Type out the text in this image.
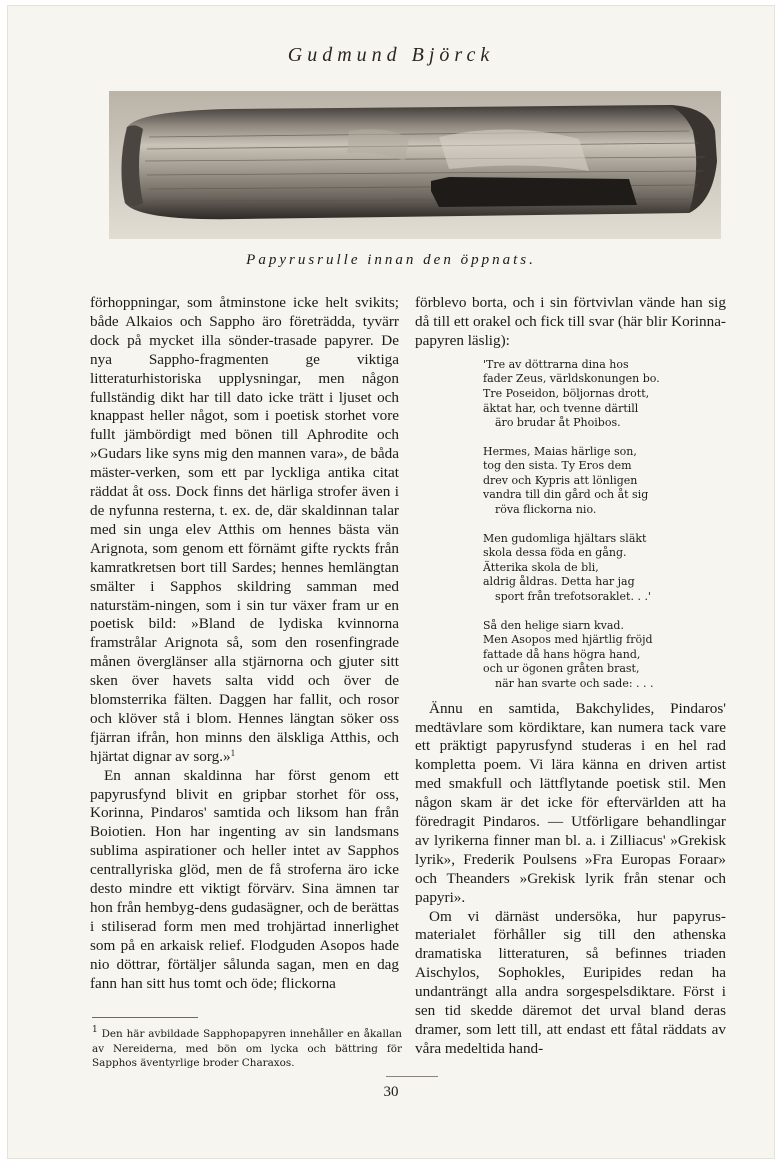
Gudmund Björck
Papyrusrulle innan den öppnats.

förhoppningar, som åtminstone icke helt svikits; både Alkaios och Sappho äro företrädda, tyvärr dock på mycket illa sönder-trasade papyrer. De nya Sappho-fragmenten ge viktiga litteraturhistoriska upplysningar, men någon fullständig dikt har till dato icke trätt i ljuset och knappast heller något, som i poetisk storhet vore fullt jämbördigt med bönen till Aphrodite och »Gudars like syns mig den mannen vara», de båda mäster-verken, som ett par lyckliga antika citat räddat åt oss. Dock finns det härliga strofer även i de nyfunna resterna, t. ex. de, där skaldinnan talar med sin unga elev Atthis om hennes bästa vän Arignota, som genom ett förnämt gifte ryckts från kamratkretsen bort till Sardes; hennes hemlängtan smälter i Sapphos skildring samman med naturstäm-ningen, som i sin tur växer fram ur en poetisk bild: »Bland de lydiska kvinnorna framstrålar Arignota så, som den rosenfingrade månen överglänser alla stjärnorna och gjuter sitt sken över havets salta vidd och över de blomsterrika fälten. Daggen har fallit, och rosor och klöver stå i blom. Hennes längtan söker oss fjärran ifrån, hon minns den älskliga Atthis, och hjärtat dignar av sorg.»$^1$

En annan skaldinna har först genom ett papyrusfynd blivit en gripbar storhet för oss, Korinna, Pindaros' samtida och liksom han från Boiotien. Hon har ingenting av sin landsmans sublima aspirationer och heller intet av Sapphos centrallyriska glöd, men de få stroferna äro icke desto mindre ett viktigt förvärv. Sina ämnen tar hon från hembyg-dens gudasägner, och de berättas i stiliserad form men med trohjärtad innerlighet som på en arkaisk relief. Flodguden Asopos hade nio döttrar, förtäljer sålunda sagan, men en dag fann han sitt hus tomt och öde; flickorna

förblevo borta, och i sin förtvivlan vände han sig då till ett orakel och fick till svar (här blir Korinna-papyren läslig):

'Tre av döttrarna dina hos
fader Zeus, världskonungen bo.
Tre Poseidon, böljornas drott,
äktat har, och tvenne därtill
äro brudar åt Phoibos.
Hermes, Maias härlige son,
tog den sista. Ty Eros dem
drev och Kypris att lönligen
vandra till din gård och åt sig
röva flickorna nio.
Men gudomliga hjältars släkt
skola dessa föda en gång.
Ätterika skola de bli,
aldrig åldras. Detta har jag
sport från trefotsoraklet. . .'
Så den helige siarn kvad.
Men Asopos med hjärtlig fröjd
fattade då hans högra hand,
och ur ögonen gråten brast,
när han svarte och sade: . . .

Ännu en samtida, Bakchylides, Pindaros' medtävlare som kördiktare, kan numera tack vare ett präktigt papyrusfynd studeras i en hel rad kompletta poem. Vi lära känna en driven artist med smakfull och lättflytande poetisk stil. Men någon skam är det icke för eftervärlden att ha föredragit Pindaros. — Utförligare behandlingar av lyrikerna finner man bl. a. i Zilliacus' »Grekisk lyrik», Frederik Poulsens »Fra Europas Foraar» och Theanders »Grekisk lyrik från stenar och papyri».

Om vi därnäst undersöka, hur papyrus-materialet förhåller sig till den athenska dramatiska litteraturen, så befinnes triaden Aischylos, Sophokles, Euripides redan ha undanträngt alla andra sorgespelsdiktare. Först i sen tid skedde däremot det urval bland deras dramer, som lett till, att endast ett fåtal räddats av våra medeltida hand-

$^1$ Den här avbildade Sapphopapyren innehåller en åkallan av Nereiderna, med bön om lycka och bättring för Sapphos äventyrlige broder Charaxos.
30
